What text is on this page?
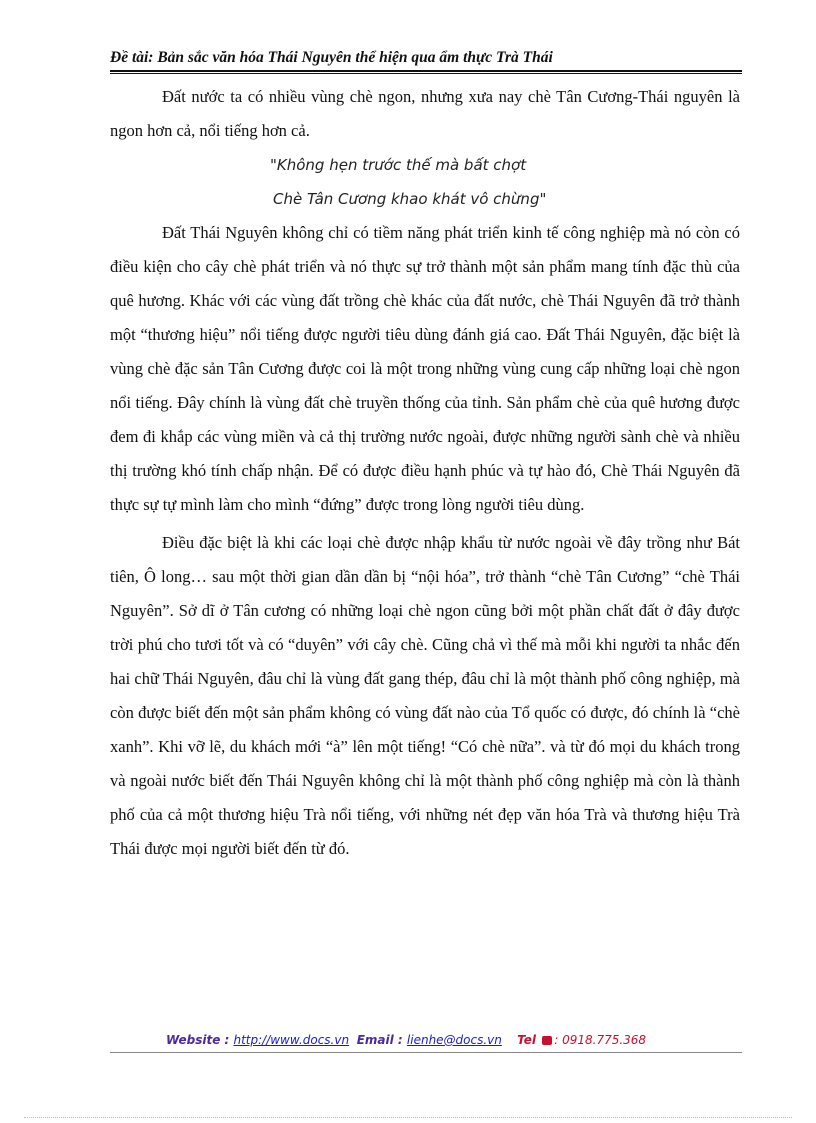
Đề tài: Bản sắc văn hóa Thái Nguyên thể hiện qua ẩm thực Trà Thái

Đất nước ta có nhiều vùng chè ngon, nhưng xưa nay chè Tân Cương-Thái nguyên là ngon hơn cả, nổi tiếng hơn cả.

"Không hẹn trước thế mà bất chợt
Chè Tân Cương khao khát vô chừng"

Đất Thái Nguyên không chỉ có tiềm năng phát triển kinh tế công nghiệp mà nó còn có điều kiện cho cây chè phát triển và nó thực sự trở thành một sản phẩm mang tính đặc thù của quê hương. Khác với các vùng đất trồng chè khác của đất nước, chè Thái Nguyên đã trở thành một “thương hiệu” nổi tiếng được người tiêu dùng đánh giá cao. Đất Thái Nguyên, đặc biệt là vùng chè đặc sản Tân Cương được coi là một trong những vùng cung cấp những loại chè ngon nổi tiếng. Đây chính là vùng đất chè truyền thống của tỉnh. Sản phẩm chè của quê hương được đem đi khắp các vùng miền và cả thị trường nước ngoài, được những người sành chè và nhiều thị trường khó tính chấp nhận. Để có được điều hạnh phúc và tự hào đó, Chè Thái Nguyên đã thực sự tự mình làm cho mình “đứng” được trong lòng người tiêu dùng.

Điều đặc biệt là khi các loại chè được nhập khẩu từ nước ngoài về đây trồng như Bát tiên, Ô long… sau một thời gian dần dần bị “nội hóa”, trở thành “chè Tân Cương” “chè Thái Nguyên”. Sở dĩ ở Tân cương có những loại chè ngon cũng bởi một phần chất đất ở đây được trời phú cho tươi tốt và có “duyên” với cây chè. Cũng chả vì thế mà mỗi khi người ta nhắc đến hai chữ Thái Nguyên, đâu chỉ là vùng đất gang thép, đâu chỉ là một thành phố công nghiệp, mà còn được biết đến một sản phẩm không có vùng đất nào của Tổ quốc có được, đó chính là “chè xanh”. Khi vỡ lẽ, du khách mới “à” lên một tiếng! “Có chè nữa”. và từ đó mọi du khách trong và ngoài nước biết đến Thái Nguyên không chỉ là một thành phố công nghiệp mà còn là thành phố của cả một thương hiệu Trà nổi tiếng, với những nét đẹp văn hóa Trà và thương hiệu Trà Thái được mọi người biết đến từ đó.

Website : http://www.docs.vn Email : lienhe@docs.vn Tel : 0918.775.368
